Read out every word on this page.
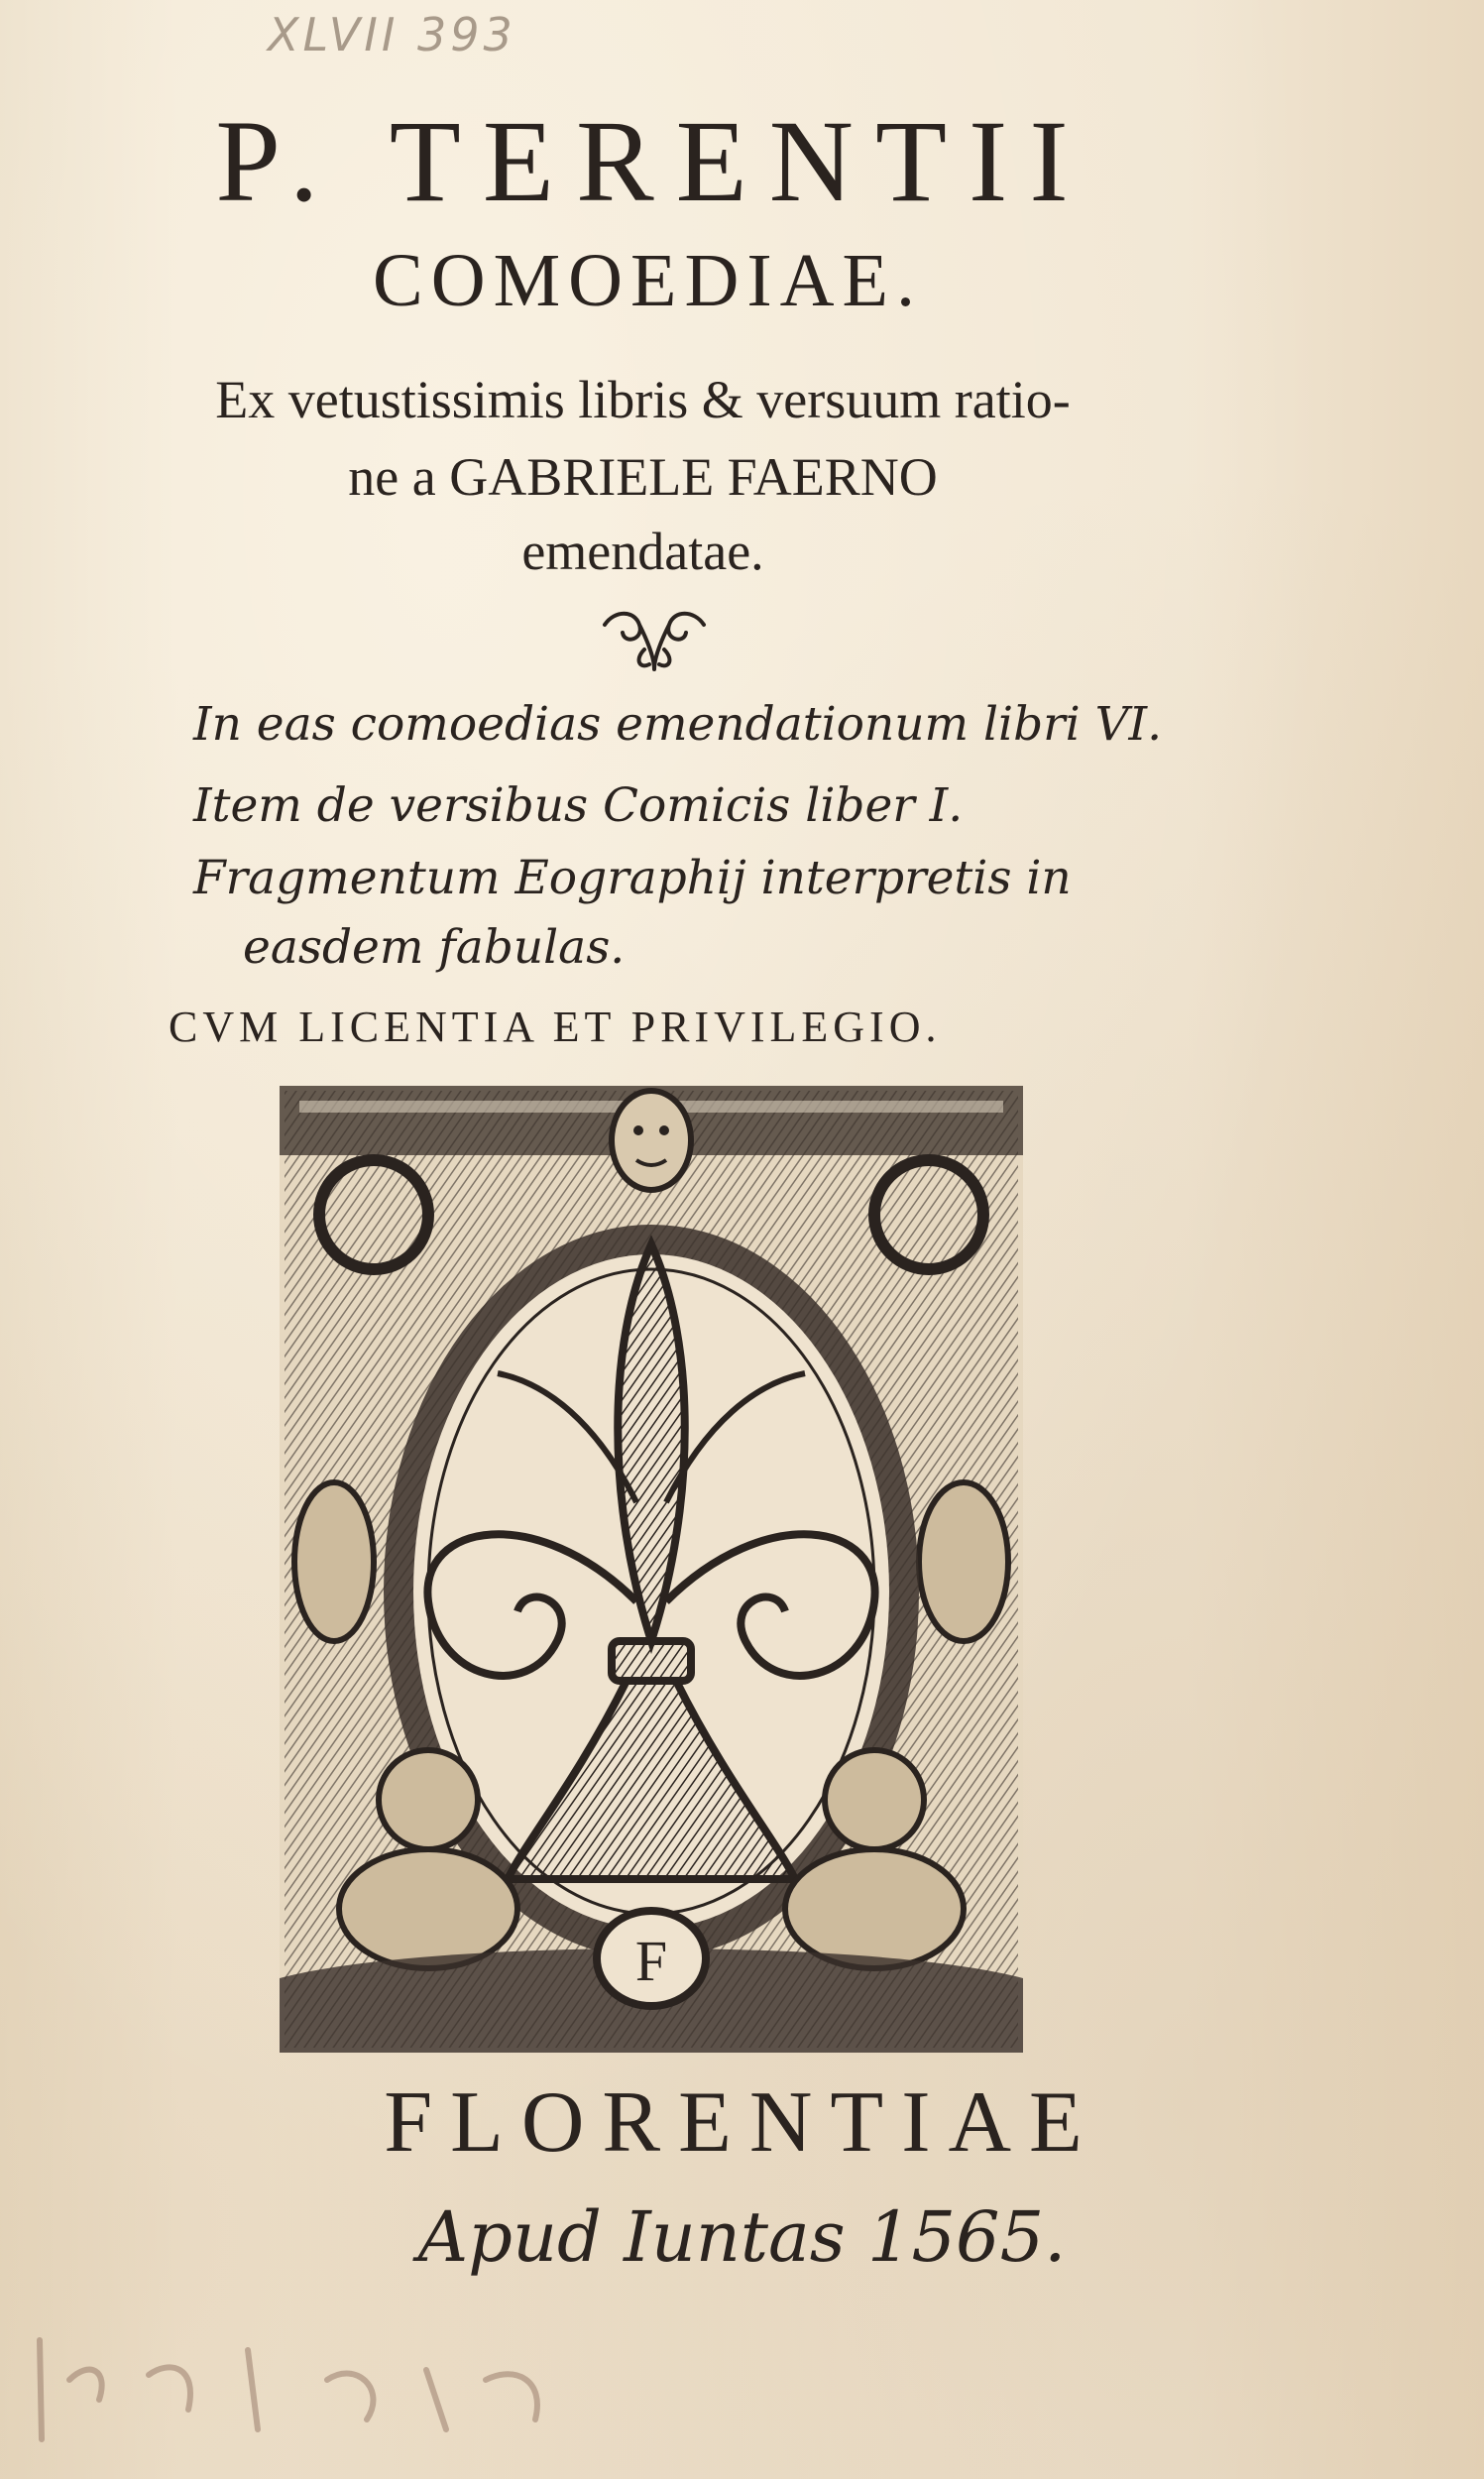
XLVII 393
P. TERENTII
COMOEDIAE.
Ex vetustissimis libris & versuum ratio-
ne a GABRIELE FAERNO
emendatae.
In eas comoedias emendationum libri VI.
Item de versibus Comicis liber I.
Fragmentum Eographij interpretis in
easdem fabulas.
CVM LICENTIA ET PRIVILEGIO.
F
FLORENTIAE
Apud Iuntas 1565.
